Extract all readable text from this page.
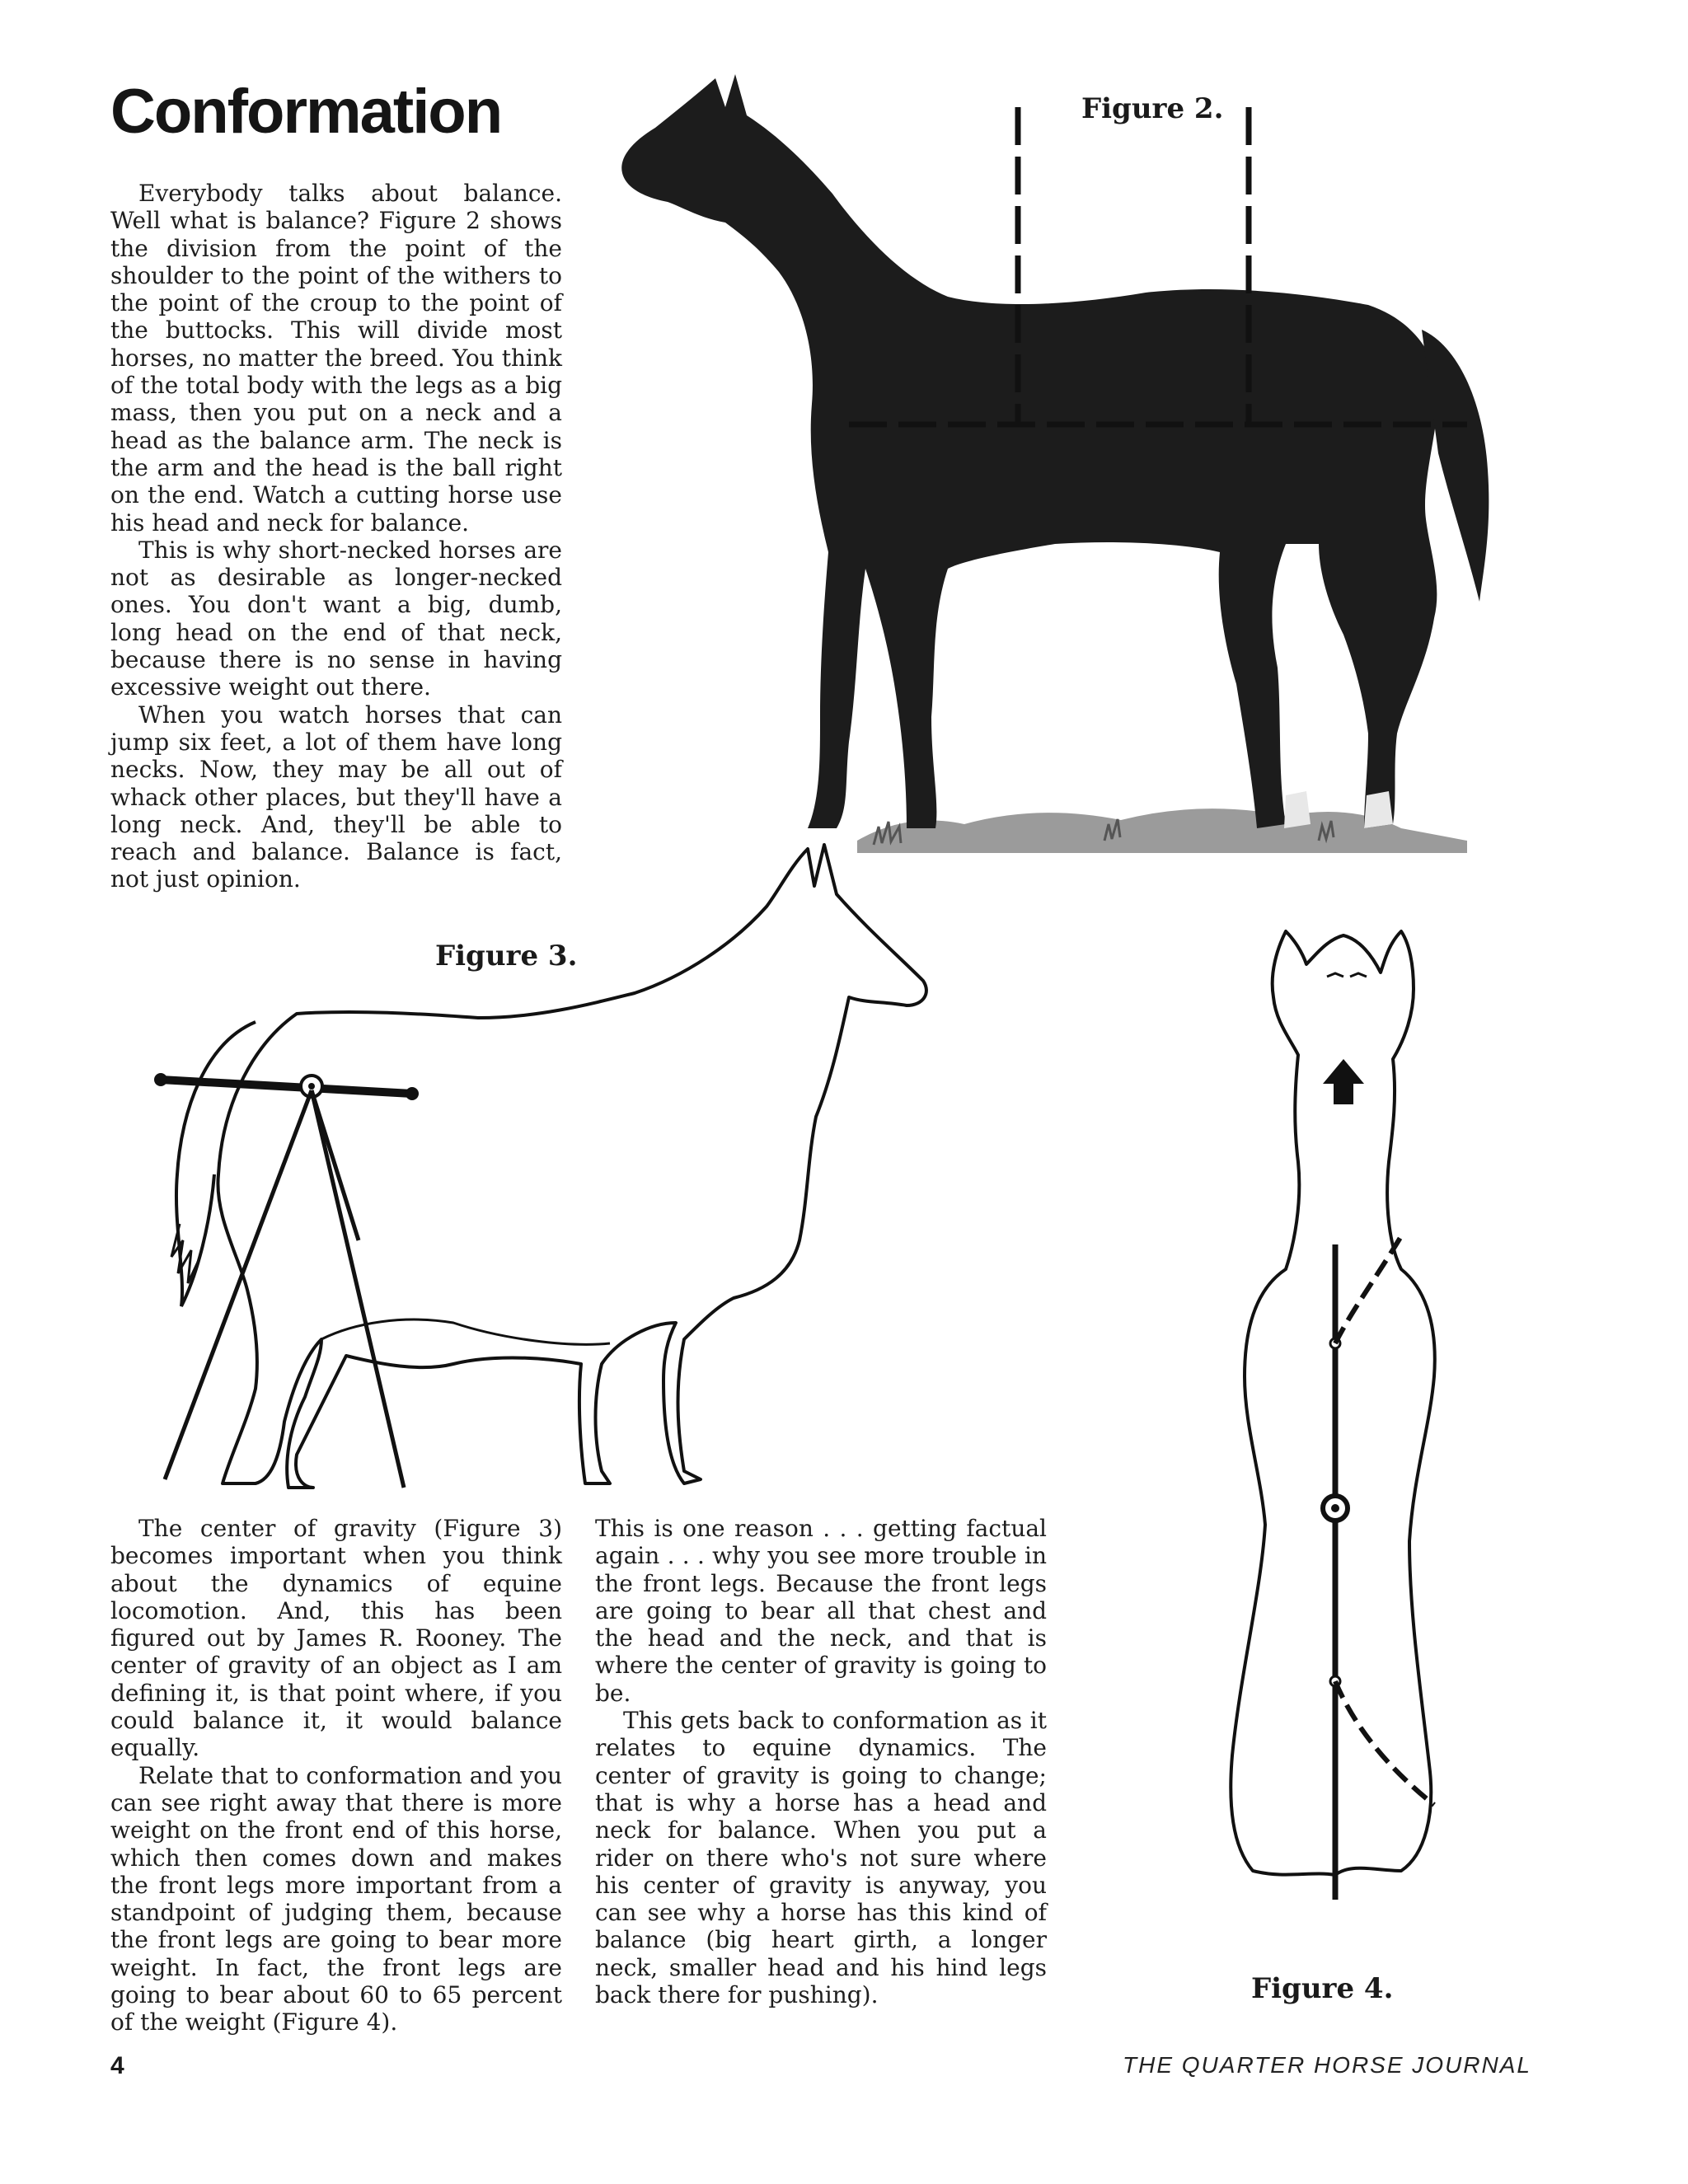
Conformation

Everybody talks about balance. Well what is balance? Figure 2 shows the division from the point of the shoulder to the point of the withers to the point of the croup to the point of the buttocks. This will divide most horses, no matter the breed. You think of the total body with the legs as a big mass, then you put on a neck and a head as the balance arm. The neck is the arm and the head is the ball right on the end. Watch a cutting horse use his head and neck for balance.

This is why short-necked horses are not as desirable as longer-necked ones. You don't want a big, dumb, long head on the end of that neck, because there is no sense in having excessive weight out there.

When you watch horses that can jump six feet, a lot of them have long necks. Now, they may be all out of whack other places, but they'll have a long neck. And, they'll be able to reach and balance. Balance is fact, not just opinion.

Figure 2.
Figure 3.
Figure 4.

The center of gravity (Figure 3) becomes important when you think about the dynamics of equine locomotion. And, this has been figured out by James R. Rooney. The center of gravity of an object as I am defining it, is that point where, if you could balance it, it would balance equally.

Relate that to conformation and you can see right away that there is more weight on the front end of this horse, which then comes down and makes the front legs more important from a standpoint of judging them, because the front legs are going to bear more weight. In fact, the front legs are going to bear about 60 to 65 percent of the weight (Figure 4).

This is one reason . . . getting factual again . . . why you see more trouble in the front legs. Because the front legs are going to bear all that chest and the head and the neck, and that is where the center of gravity is going to be.

This gets back to conformation as it relates to equine dynamics. The center of gravity is going to change; that is why a horse has a head and neck for balance. When you put a rider on there who's not sure where his center of gravity is anyway, you can see why a horse has this kind of balance (big heart girth, a longer neck, smaller head and his hind legs back there for pushing).

4	THE QUARTER HORSE JOURNAL
